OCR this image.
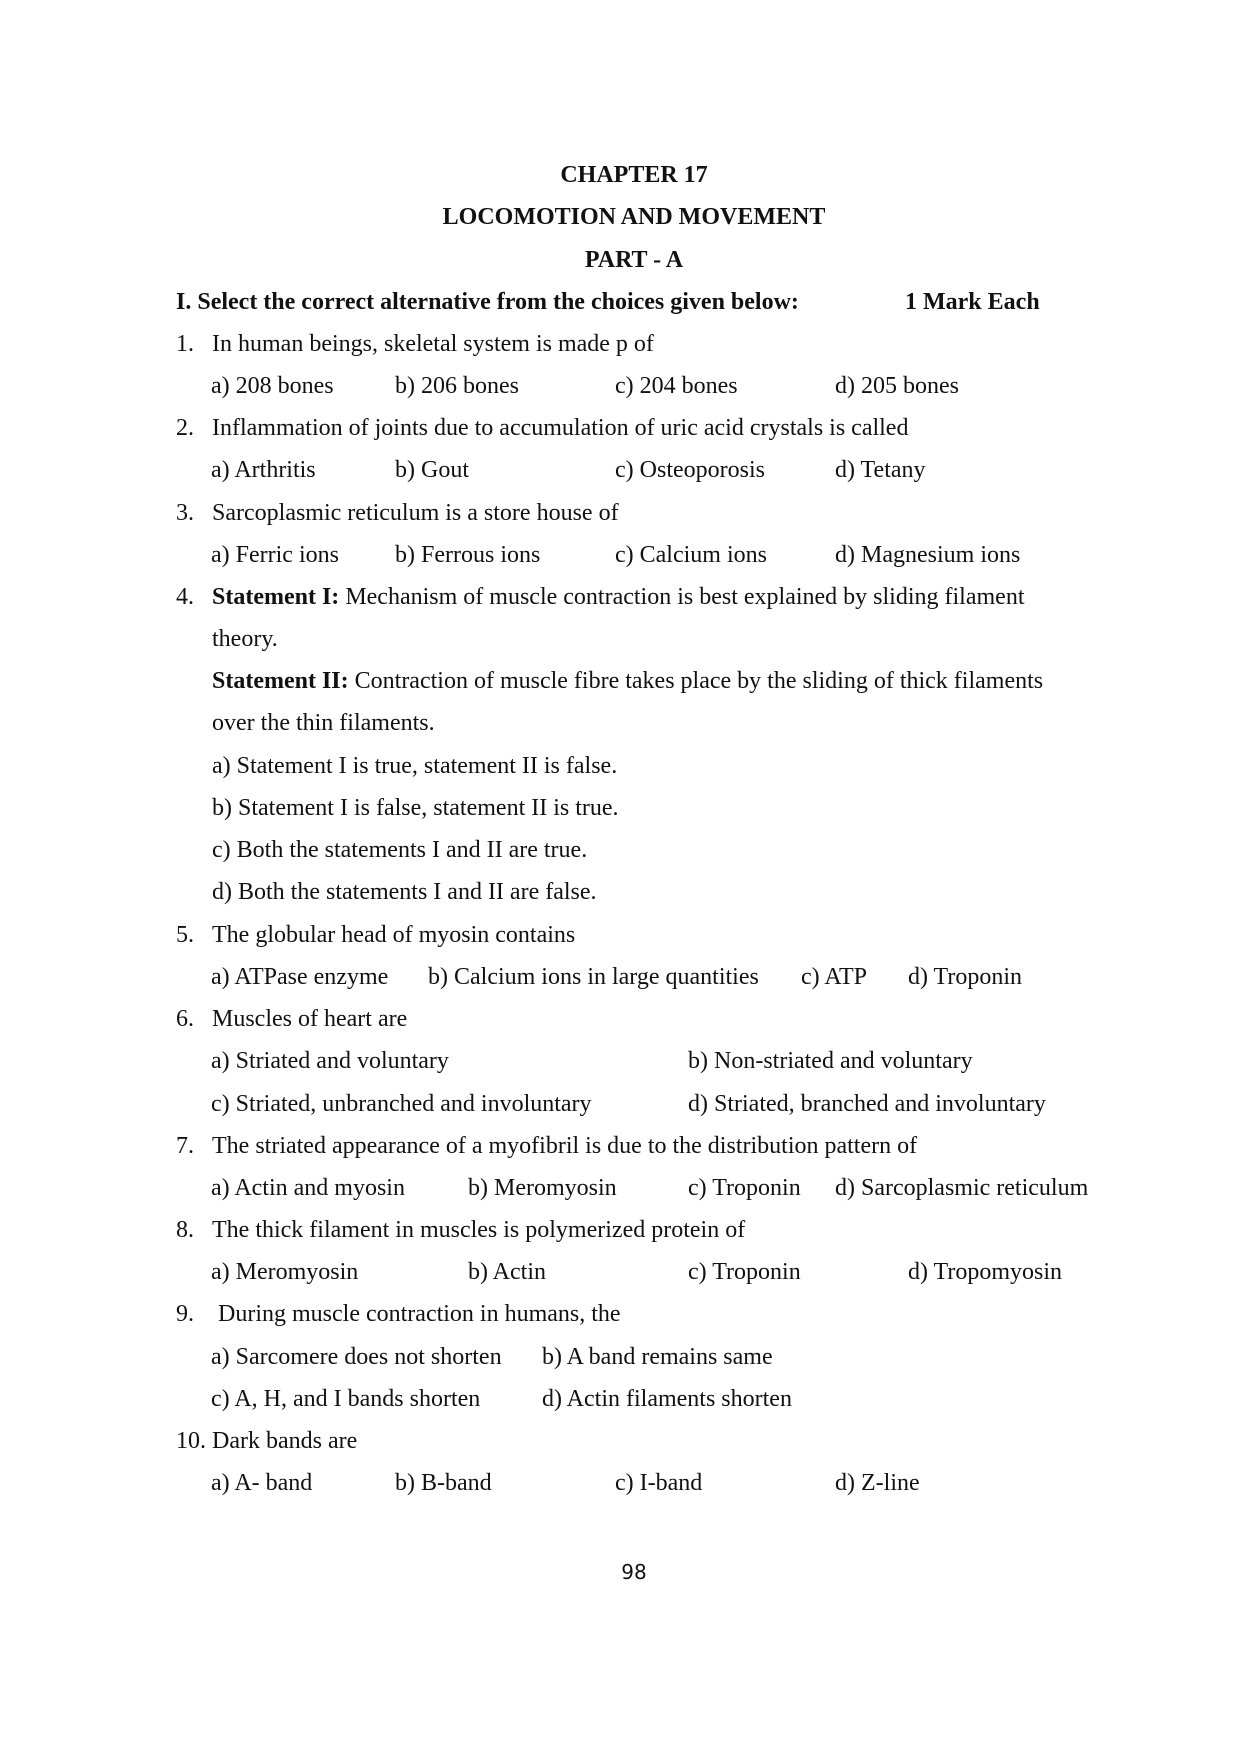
CHAPTER 17
LOCOMOTION AND MOVEMENT
PART - A
I. Select the correct alternative from the choices given below:	1 Mark Each
1. In human beings, skeletal system is made p of
a) 208 bones	b) 206 bones	c) 204 bones	d) 205 bones
2. Inflammation of joints due to accumulation of uric acid crystals is called
a) Arthritis	b) Gout	c) Osteoporosis	d) Tetany
3. Sarcoplasmic reticulum is a store house of
a) Ferric ions b) Ferrous ions	c) Calcium ions	d) Magnesium ions
4. Statement I: Mechanism of muscle contraction is best explained by sliding filament
theory.
Statement II: Contraction of muscle fibre takes place by the sliding of thick filaments
over the thin filaments.
a) Statement I is true, statement II is false.
b) Statement I is false, statement II is true.
c) Both the statements I and II are true.
d) Both the statements I and II are false.
5. The globular head of myosin contains
a) ATPase enzyme b) Calcium ions in large quantities c) ATP d) Troponin
6. Muscles of heart are
a) Striated and voluntary	b) Non-striated and voluntary
c) Striated, unbranched and involuntary	d) Striated, branched and involuntary
7. The striated appearance of a myofibril is due to the distribution pattern of
a) Actin and myosin	b) Meromyosin	c) Troponin d) Sarcoplasmic reticulum
8. The thick filament in muscles is polymerized protein of
a) Meromyosin	b) Actin	c) Troponin	d) Tropomyosin
9. During muscle contraction in humans, the
a) Sarcomere does not shorten b) A band remains same
c) A, H, and I bands shorten	d) Actin filaments shorten
10. Dark bands are
a) A- band	b) B-band	c) I-band	d) Z-line
98
